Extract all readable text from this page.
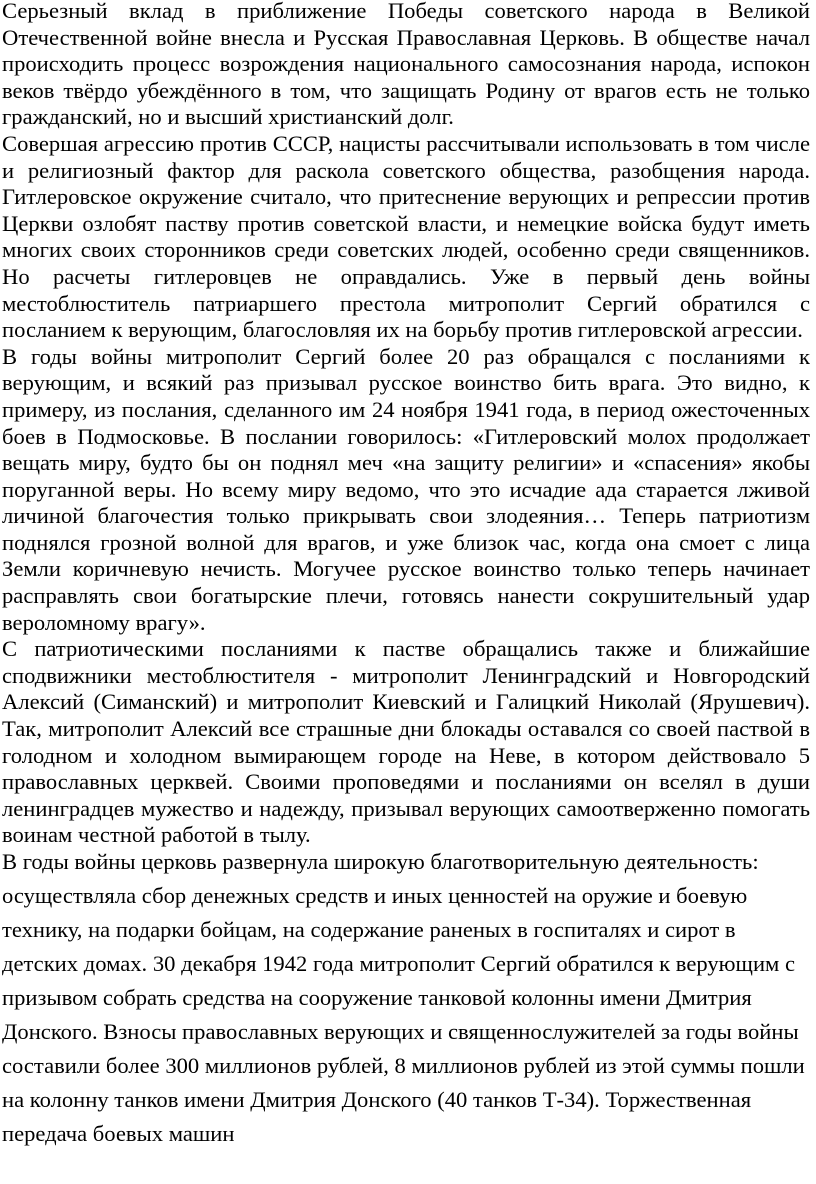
Серьезный вклад в приближение Победы советского народа в Великой Отечественной войне внесла и Русская Православная Церковь. В обществе начал происходить процесс возрождения национального самосознания народа, испокон веков твёрдо убеждённого в том, что защищать Родину от врагов есть не только гражданский, но и высший христианский долг.

Совершая агрессию против СССР, нацисты рассчитывали использовать в том числе и религиозный фактор для раскола советского общества, разобщения народа. Гитлеровское окружение считало, что притеснение верующих и репрессии против Церкви озлобят паству против советской власти, и немецкие войска будут иметь многих своих сторонников среди советских людей, особенно среди священников. Но расчеты гитлеровцев не оправдались. Уже в первый день войны местоблюститель патриаршего престола митрополит Сергий обратился с посланием к верующим, благословляя их на борьбу против гитлеровской агрессии.

В годы войны митрополит Сергий более 20 раз обращался с посланиями к верующим, и всякий раз призывал русское воинство бить врага. Это видно, к примеру, из послания, сделанного им 24 ноября 1941 года, в период ожесточенных боев в Подмосковье. В послании говорилось: «Гитлеровский молох продолжает вещать миру, будто бы он поднял меч «на защиту религии» и «спасения» якобы поруганной веры. Но всему миру ведомо, что это исчадие ада старается лживой личиной благочестия только прикрывать свои злодеяния… Теперь патриотизм поднялся грозной волной для врагов, и уже близок час, когда она смоет с лица Земли коричневую нечисть. Могучее русское воинство только теперь начинает расправлять свои богатырские плечи, готовясь нанести сокрушительный удар вероломному врагу».

С патриотическими посланиями к пастве обращались также и ближайшие сподвижники местоблюстителя - митрополит Ленинградский и Новгородский Алексий (Симанский) и митрополит Киевский и Галицкий Николай (Ярушевич). Так, митрополит Алексий все страшные дни блокады оставался со своей паствой в голодном и холодном вымирающем городе на Неве, в котором действовало 5 православных церквей. Своими проповедями и посланиями он вселял в души ленинградцев мужество и надежду, призывал верующих самоотверженно помогать воинам честной работой в тылу.

В годы войны церковь развернула широкую благотворительную деятельность: осуществляла сбор денежных средств и иных ценностей на оружие и боевую технику, на подарки бойцам, на содержание раненых в госпиталях и сирот в детских домах. 30 декабря 1942 года митрополит Сергий обратился к верующим с призывом собрать средства на сооружение танковой колонны имени Дмитрия Донского. Взносы православных верующих и священнослужителей за годы войны составили более 300 миллионов рублей, 8 миллионов рублей из этой суммы пошли на колонну танков имени Дмитрия Донского (40 танков Т-34). Торжественная передача боевых машин
